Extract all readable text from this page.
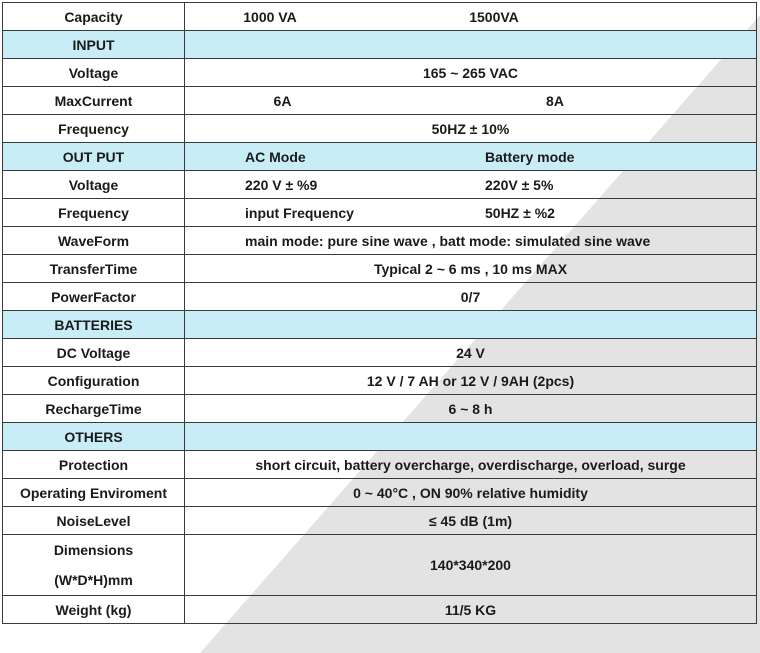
Capacity	1000 VA 1500VA

INPUT	
Voltage	165 ~ 265 VAC
MaxCurrent	6A 8A

Frequency	50HZ ± 10%
OUT PUT	AC Mode Battery mode

Voltage	220 V ± %9 220V ± 5%

Frequency	input Frequency 50HZ ± %2

WaveForm	main mode: pure sine wave , batt mode: simulated sine wave
TransferTime	Typical 2 ~ 6 ms , 10 ms MAX
PowerFactor	0/7
BATTERIES	
DC Voltage	24 V
Configuration	12 V / 7 AH or 12 V / 9AH (2pcs)
RechargeTime	6 ~ 8 h
OTHERS	
Protection	short circuit, battery overcharge, overdischarge, overload, surge
Operating Enviroment	0 ~ 40°C , ON 90% relative humidity
NoiseLevel	≤ 45 dB (1m)

Dimensions
(W*D*H)mm	140*340*200
Weight (kg)	11/5 KG
